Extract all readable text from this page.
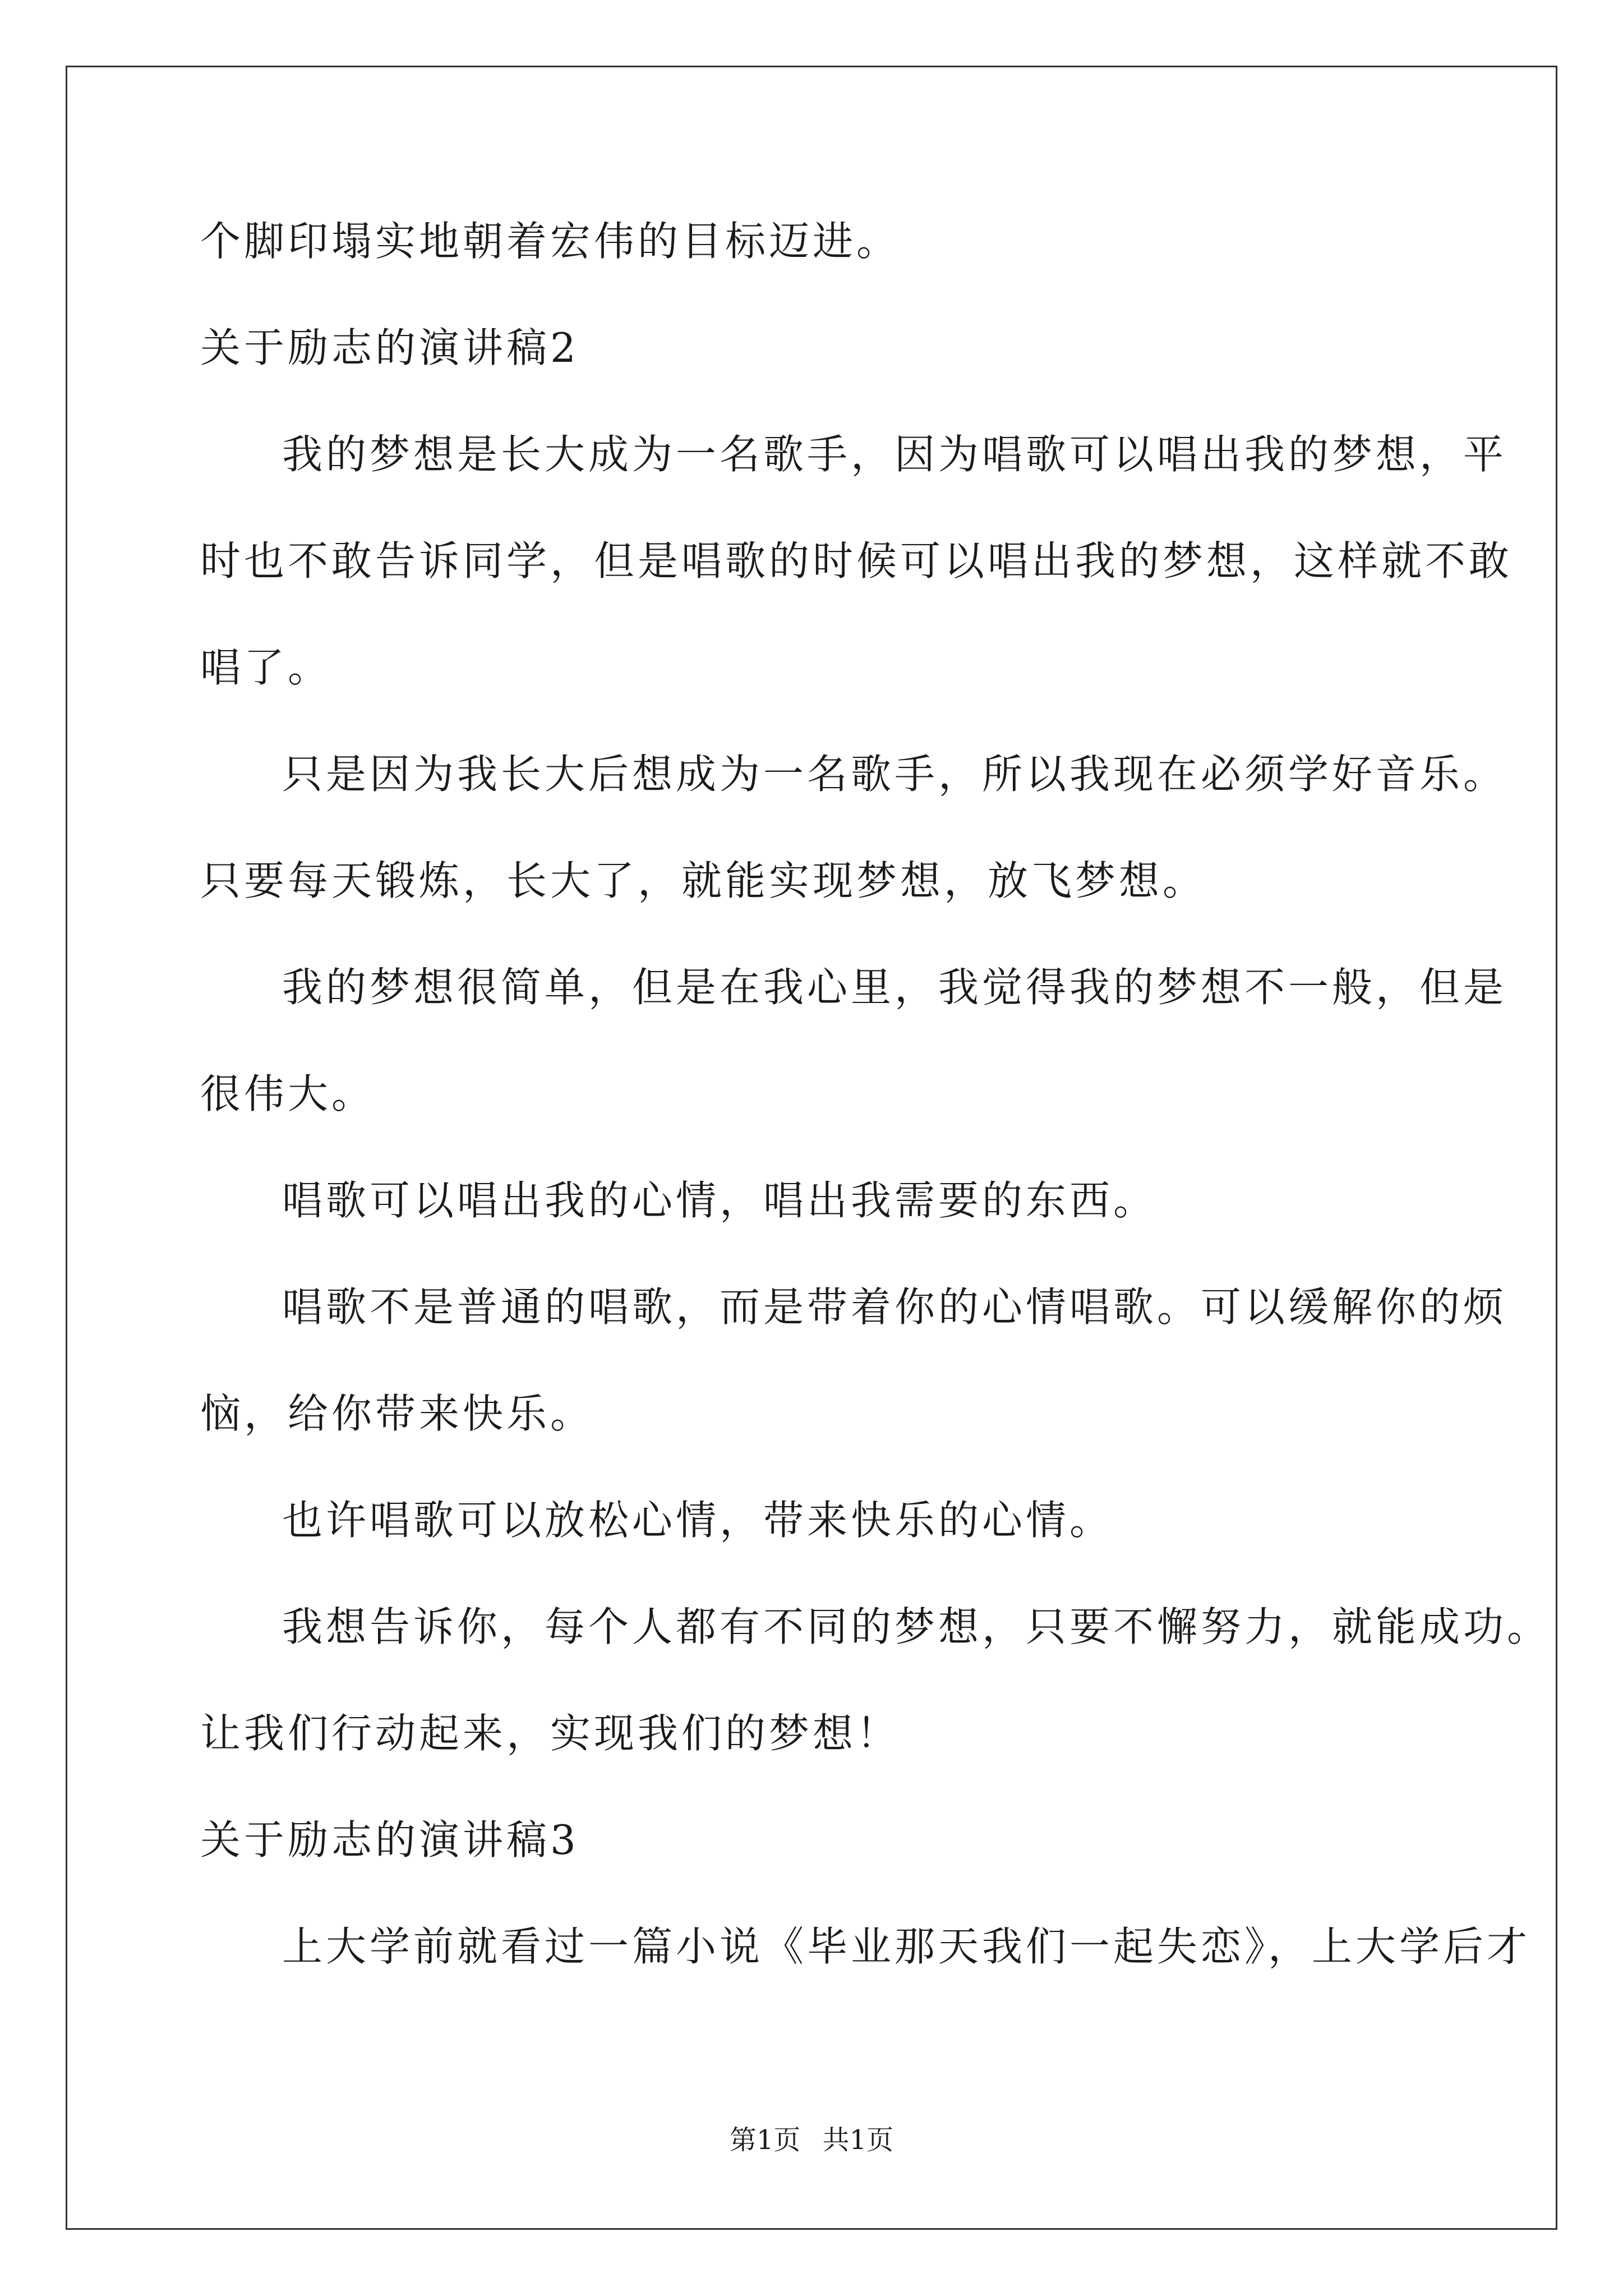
个脚印塌实地朝着宏伟的目标迈进。
关于励志的演讲稿2
我的梦想是长大成为一名歌手，因为唱歌可以唱出我的梦想，平
时也不敢告诉同学，但是唱歌的时候可以唱出我的梦想，这样就不敢
唱了。
只是因为我长大后想成为一名歌手，所以我现在必须学好音乐。
只要每天锻炼，长大了，就能实现梦想，放飞梦想。
我的梦想很简单，但是在我心里，我觉得我的梦想不一般，但是
很伟大。
唱歌可以唱出我的心情，唱出我需要的东西。
唱歌不是普通的唱歌，而是带着你的心情唱歌。可以缓解你的烦
恼，给你带来快乐。
也许唱歌可以放松心情，带来快乐的心情。
我想告诉你，每个人都有不同的梦想，只要不懈努力，就能成功。
让我们行动起来，实现我们的梦想！
关于励志的演讲稿3
上大学前就看过一篇小说《毕业那天我们一起失恋》，上大学后才
第1页 共1页
